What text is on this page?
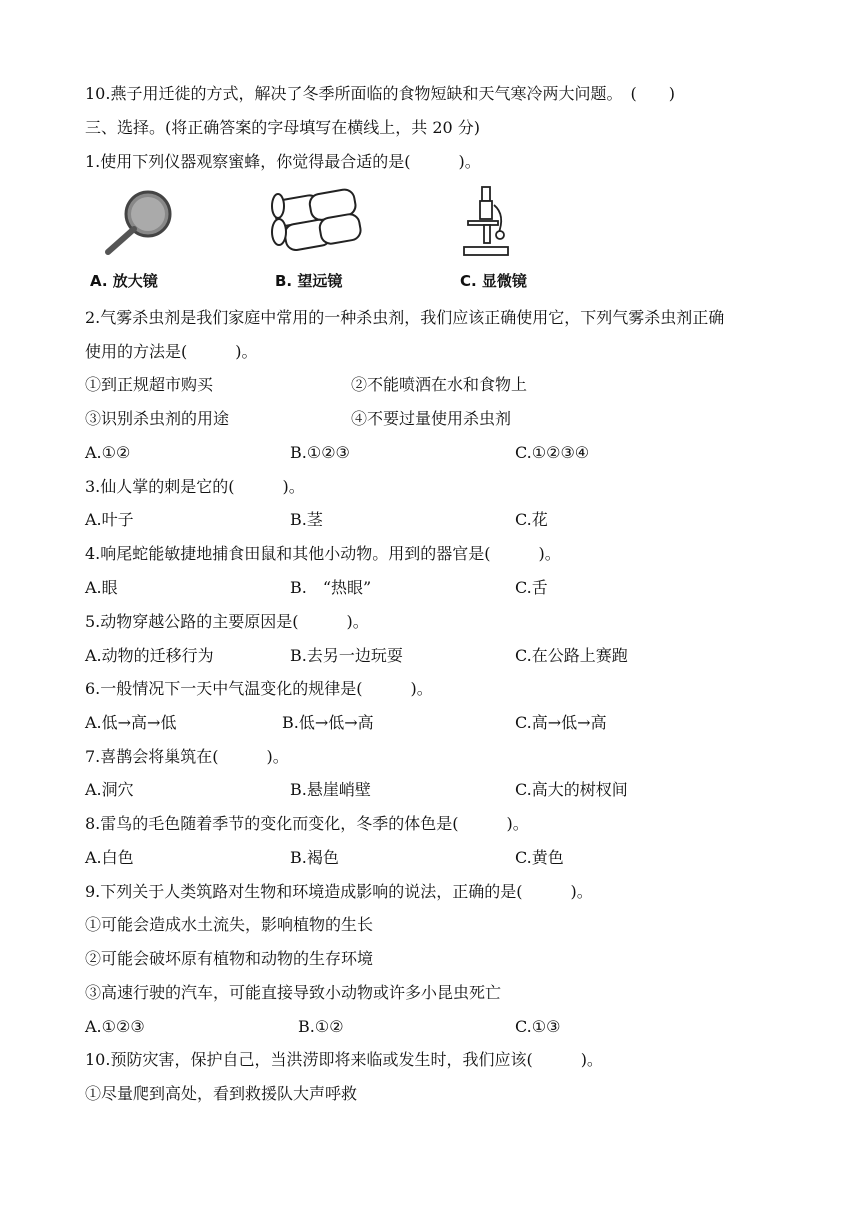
10.燕子用迁徙的方式，解决了冬季所面临的食物短缺和天气寒冷两大问题。　(　　)
三、选择。(将正确答案的字母填写在横线上，共 20 分)
1.使用下列仪器观察蜜蜂，你觉得最合适的是(　　　)。
A. 放大镜	B. 望远镜	C. 显微镜
2.气雾杀虫剂是我们家庭中常用的一种杀虫剂，我们应该正确使用它，下列气雾杀虫剂正确
使用的方法是(　　　)。
①到正规超市购买	②不能喷洒在水和食物上
③识别杀虫剂的用途	④不要过量使用杀虫剂
A.①②	B.①②③	C.①②③④
3.仙人掌的刺是它的(　　　)。
A.叶子	B.茎	C.花
4.响尾蛇能敏捷地捕食田鼠和其他小动物。用到的器官是(　　　)。
A.眼	B.　“热眼”	C.舌
5.动物穿越公路的主要原因是(　　　)。
A.动物的迁移行为	B.去另一边玩耍	C.在公路上赛跑
6.一般情况下一天中气温变化的规律是(　　　)。
A.低→高→低	B.低→低→高	C.高→低→高
7.喜鹊会将巢筑在(　　　)。
A.洞穴	B.悬崖峭壁	C.高大的树杈间
8.雷鸟的毛色随着季节的变化而变化，冬季的体色是(　　　)。
A.白色	B.褐色	C.黄色
9.下列关于人类筑路对生物和环境造成影响的说法，正确的是(　　　)。
①可能会造成水土流失，影响植物的生长
②可能会破坏原有植物和动物的生存环境
③高速行驶的汽车，可能直接导致小动物或许多小昆虫死亡
A.①②③	B.①②	C.①③
10.预防灾害，保护自己，当洪涝即将来临或发生时，我们应该(　　　)。
①尽量爬到高处，看到救援队大声呼救
